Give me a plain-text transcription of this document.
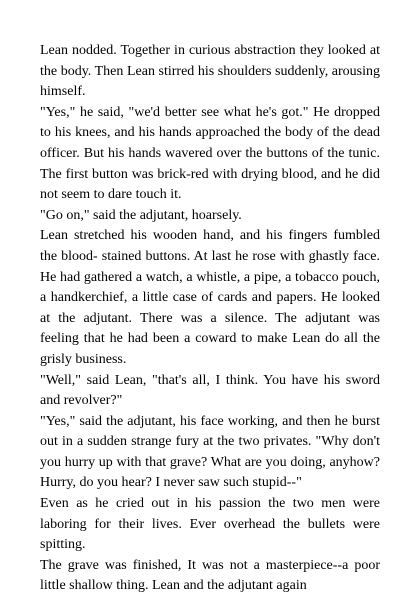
Lean nodded. Together in curious abstraction they looked at the body. Then Lean stirred his shoulders suddenly, arousing himself.

"Yes," he said, "we'd better see what he's got." He dropped to his knees, and his hands approached the body of the dead officer. But his hands wavered over the buttons of the tunic. The first button was brick-red with drying blood, and he did not seem to dare touch it.

"Go on," said the adjutant, hoarsely.

Lean stretched his wooden hand, and his fingers fumbled the blood- stained buttons. At last he rose with ghastly face. He had gathered a watch, a whistle, a pipe, a tobacco pouch, a handkerchief, a little case of cards and papers. He looked at the adjutant. There was a silence. The adjutant was feeling that he had been a coward to make Lean do all the grisly business.

"Well," said Lean, "that's all, I think. You have his sword and revolver?"

"Yes," said the adjutant, his face working, and then he burst out in a sudden strange fury at the two privates. "Why don't you hurry up with that grave? What are you doing, anyhow? Hurry, do you hear? I never saw such stupid--"

Even as he cried out in his passion the two men were laboring for their lives. Ever overhead the bullets were spitting.

The grave was finished, It was not a masterpiece--a poor little shallow thing. Lean and the adjutant again
